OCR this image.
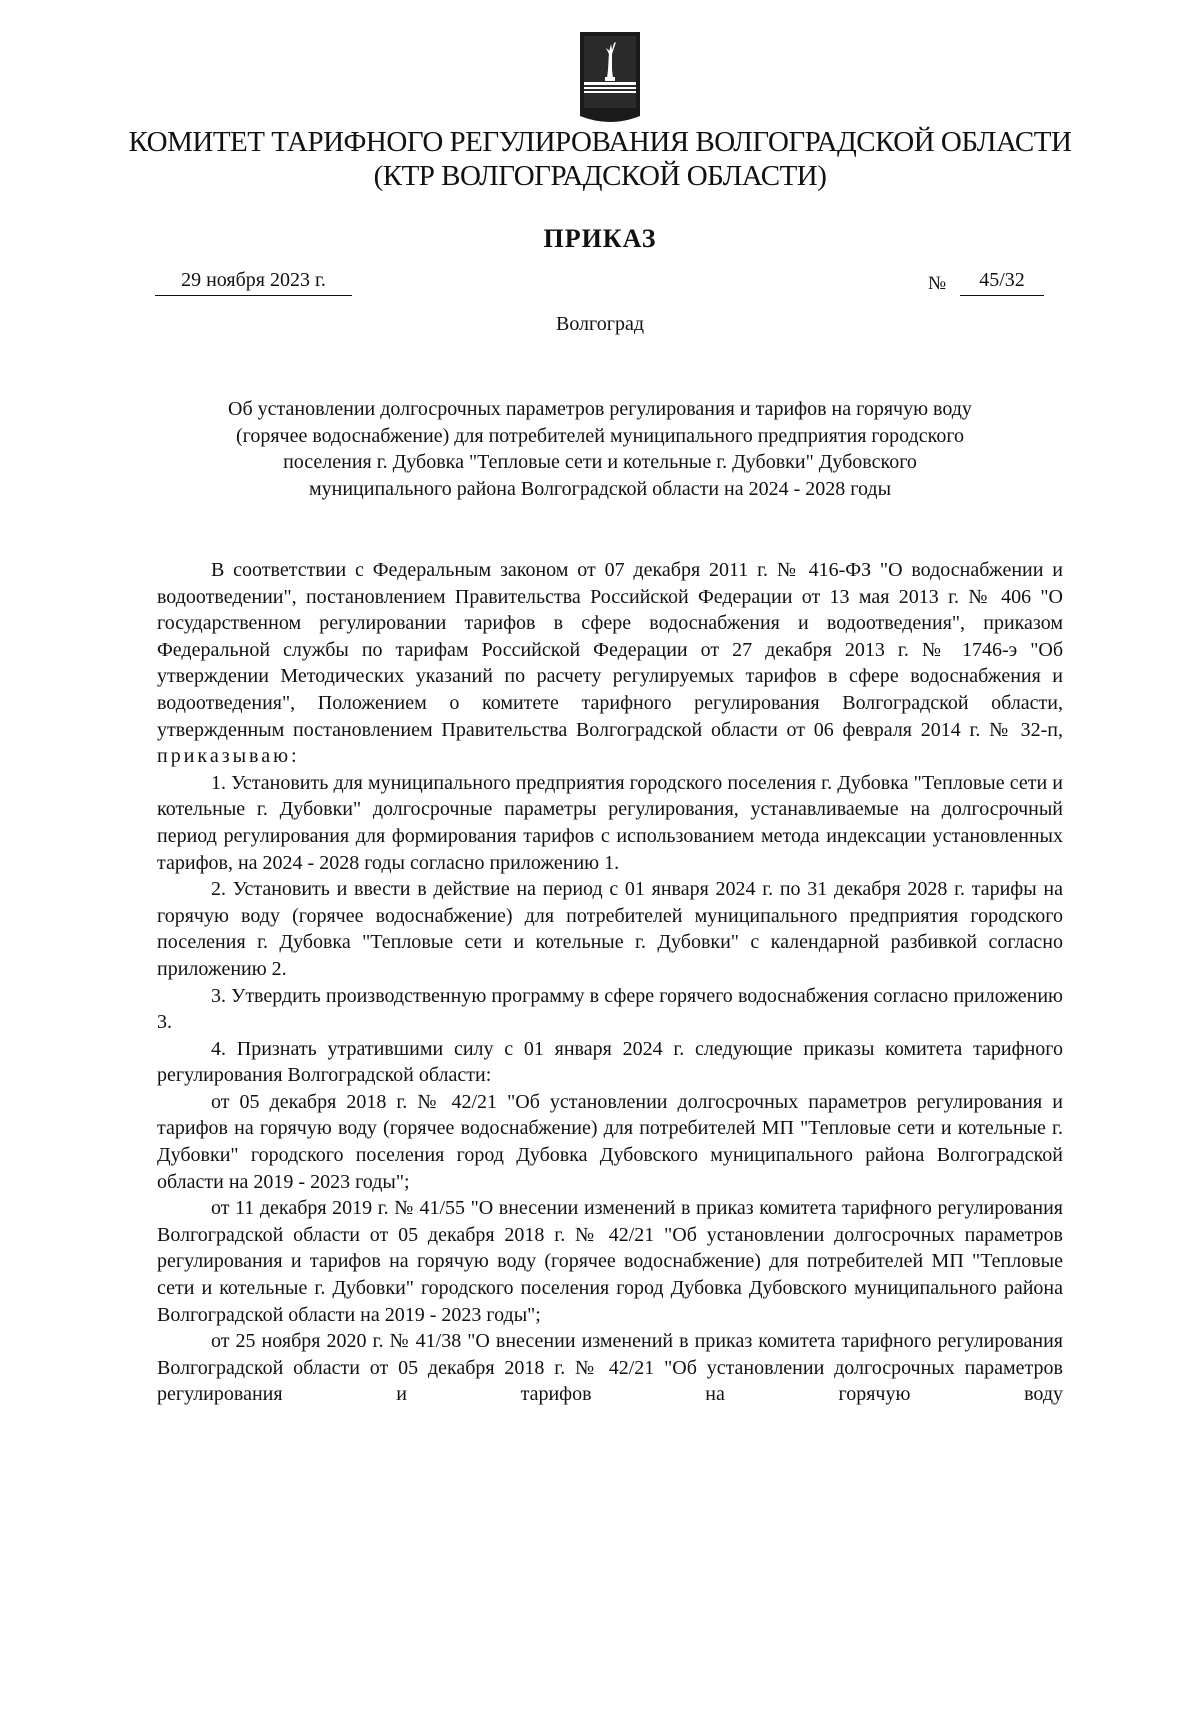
КОМИТЕТ ТАРИФНОГО РЕГУЛИРОВАНИЯ ВОЛГОГРАДСКОЙ ОБЛАСТИ
(КТР ВОЛГОГРАДСКОЙ ОБЛАСТИ)
ПРИКАЗ
29 ноября 2023 г.	№	45/32
Волгоград
Об установлении долгосрочных параметров регулирования и тарифов на горячую воду
(горячее водоснабжение) для потребителей муниципального предприятия городского
поселения г. Дубовка "Тепловые сети и котельные г. Дубовки" Дубовского
муниципального района Волгоградской области на 2024 - 2028 годы

В соответствии с Федеральным законом от 07 декабря 2011 г. № 416-ФЗ "О водоснабжении и водоотведении", постановлением Правительства Российской Федерации от 13 мая 2013 г. № 406 "О государственном регулировании тарифов в сфере водоснабжения и водоотведения", приказом Федеральной службы по тарифам Российской Федерации от 27 декабря 2013 г. № 1746-э "Об утверждении Методических указаний по расчету регулируемых тарифов в сфере водоснабжения и водоотведения", Положением о комитете тарифного регулирования Волгоградской области, утвержденным постановлением Правительства Волгоградской области от 06 февраля 2014 г. № 32-п, приказываю:

1. Установить для муниципального предприятия городского поселения г. Дубовка "Тепловые сети и котельные г. Дубовки" долгосрочные параметры регулирования, устанавливаемые на долгосрочный период регулирования для формирования тарифов с использованием метода индексации установленных тарифов, на 2024 - 2028 годы согласно приложению 1.

2. Установить и ввести в действие на период с 01 января 2024 г. по 31 декабря 2028 г. тарифы на горячую воду (горячее водоснабжение) для потребителей муниципального предприятия городского поселения г. Дубовка "Тепловые сети и котельные г. Дубовки" с календарной разбивкой согласно приложению 2.

3. Утвердить производственную программу в сфере горячего водоснабжения согласно приложению 3.

4. Признать утратившими силу с 01 января 2024 г. следующие приказы комитета тарифного регулирования Волгоградской области:

от 05 декабря 2018 г. № 42/21 "Об установлении долгосрочных параметров регулирования и тарифов на горячую воду (горячее водоснабжение) для потребителей МП "Тепловые сети и котельные г. Дубовки" городского поселения город Дубовка Дубовского муниципального района Волгоградской области на 2019 - 2023 годы";

от 11 декабря 2019 г. № 41/55 "О внесении изменений в приказ комитета тарифного регулирования Волгоградской области от 05 декабря 2018 г. № 42/21 "Об установлении долгосрочных параметров регулирования и тарифов на горячую воду (горячее водоснабжение) для потребителей МП "Тепловые сети и котельные г. Дубовки" городского поселения город Дубовка Дубовского муниципального района Волгоградской области на 2019 - 2023 годы";

от 25 ноября 2020 г. № 41/38 "О внесении изменений в приказ комитета тарифного регулирования Волгоградской области от 05 декабря 2018 г. № 42/21 "Об установлении долгосрочных параметров регулирования и тарифов на горячую воду
